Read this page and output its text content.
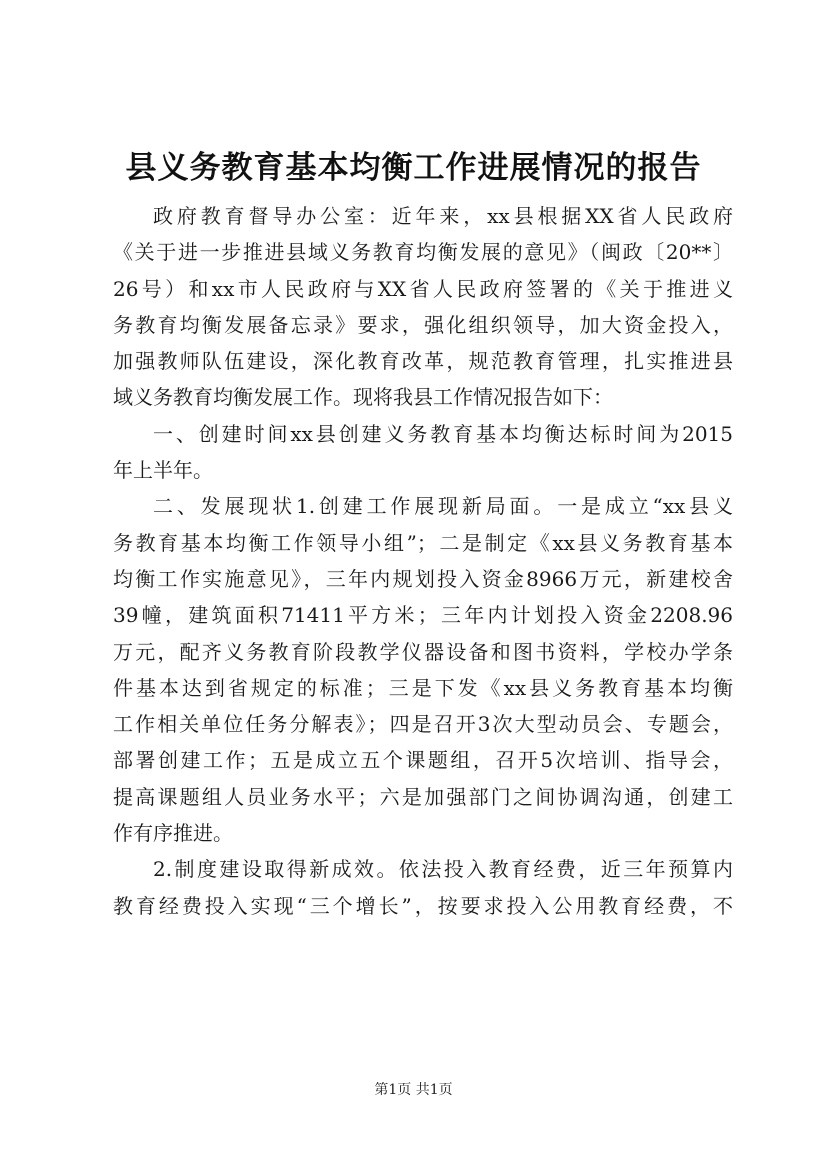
县义务教育基本均衡工作进展情况的报告

政府教育督导办公室：近年来，xx县根据XX省人民政府
《关于进一步推进县域义务教育均衡发展的意见》（闽政〔20**〕
26号）和xx市人民政府与XX省人民政府签署的《关于推进义
务教育均衡发展备忘录》要求，强化组织领导，加大资金投入，
加强教师队伍建设，深化教育改革，规范教育管理，扎实推进县
域义务教育均衡发展工作。现将我县工作情况报告如下：

一、创建时间xx县创建义务教育基本均衡达标时间为2015
年上半年。

二、发展现状1.创建工作展现新局面。一是成立“xx县义
务教育基本均衡工作领导小组”；二是制定《xx县义务教育基本
均衡工作实施意见》，三年内规划投入资金8966万元，新建校舍
39幢，建筑面积71411平方米；三年内计划投入资金2208.96
万元，配齐义务教育阶段教学仪器设备和图书资料，学校办学条
件基本达到省规定的标准；三是下发《xx县义务教育基本均衡
工作相关单位任务分解表》；四是召开3次大型动员会、专题会，
部署创建工作；五是成立五个课题组，召开5次培训、指导会，
提高课题组人员业务水平；六是加强部门之间协调沟通，创建工
作有序推进。

2.制度建设取得新成效。依法投入教育经费，近三年预算内
教育经费投入实现“三个增长”，按要求投入公用教育经费，不

第1页 共1页
